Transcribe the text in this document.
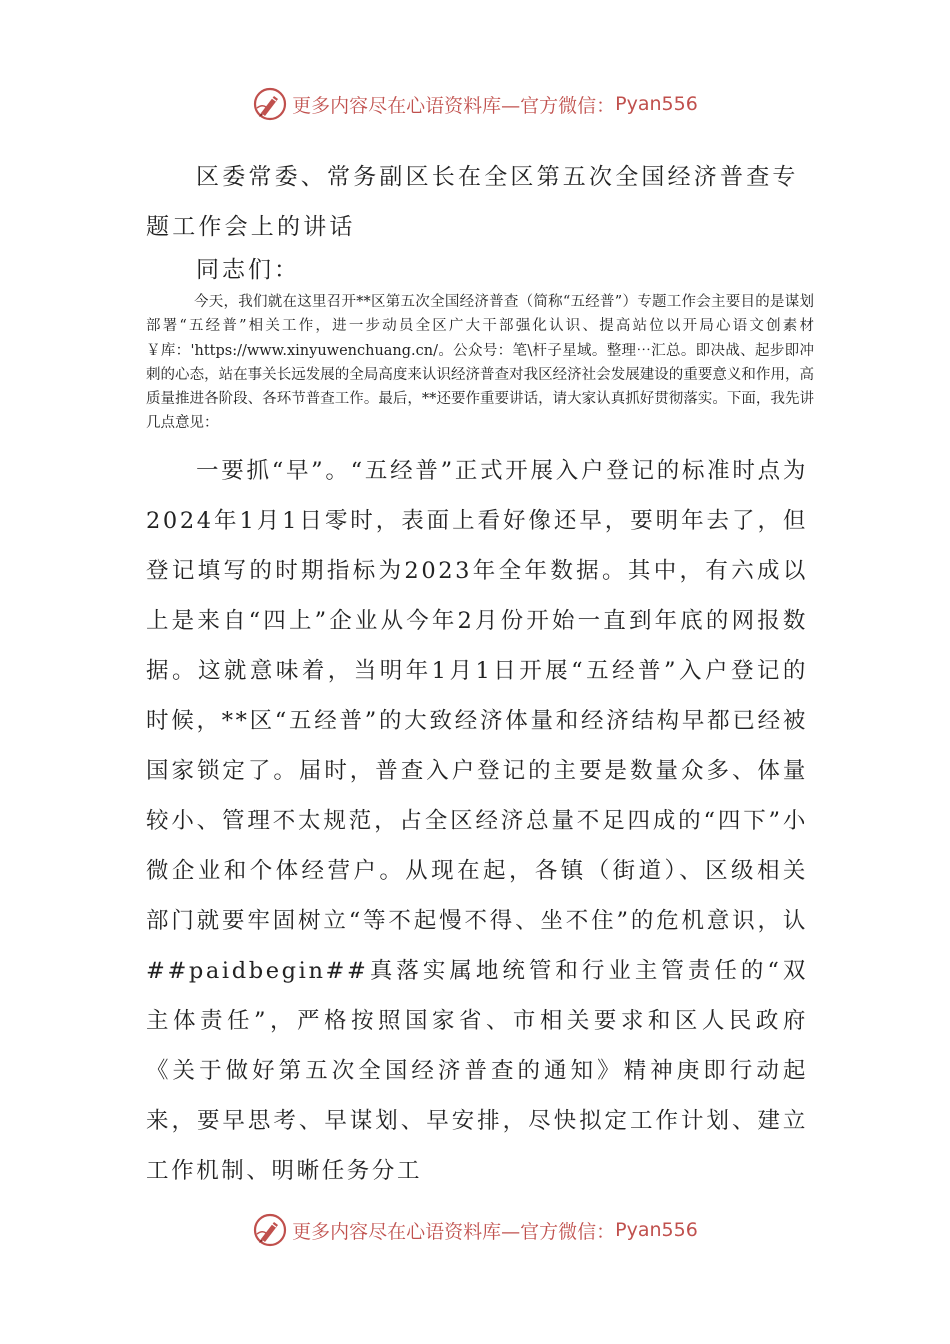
更多内容尽在心语资料库—官方微信： Pyan556
区委常委、常务副区长在全区第五次全国经济普查专题工作会上的讲话
同志们：
今天，我们就在这里召开**区第五次全国经济普查（简称“五经普”）专题工作会主要目的是谋划部署“五经普”相关工作，进一步动员全区广大干部强化认识、提高站位以开局心语文创素材￥库：'https://www.xinyuwenchuang.cn/。公众号：笔\杆子星域。整理⋯汇总。即决战、起步即冲刺的心态，站在事关长远发展的全局高度来认识经济普查对我区经济社会发展建设的重要意义和作用，高质量推进各阶段、各环节普查工作。最后，**还要作重要讲话，请大家认真抓好贯彻落实。下面，我先讲几点意见：
一要抓“早”。“五经普”正式开展入户登记的标准时点为2024年1月1日零时，表面上看好像还早，要明年去了，但登记填写的时期指标为2023年全年数据。其中，有六成以上是来自“四上”企业从今年2月份开始一直到年底的网报数据。这就意味着，当明年1月1日开展“五经普”入户登记的时候，**区“五经普”的大致经济体量和经济结构早都已经被国家锁定了。届时，普查入户登记的主要是数量众多、体量较小、管理不太规范，占全区经济总量不足四成的“四下”小微企业和个体经营户。从现在起，各镇（街道）、区级相关部门就要牢固树立“等不起慢不得、坐不住”的危机意识，认##paidbegin##真落实属地统管和行业主管责任的“双主体责任”，严格按照国家省、市相关要求和区人民政府《关于做好第五次全国经济普查的通知》精神庚即行动起来，要早思考、早谋划、早安排，尽快拟定工作计划、建立工作机制、明晰任务分工
更多内容尽在心语资料库—官方微信： Pyan556
